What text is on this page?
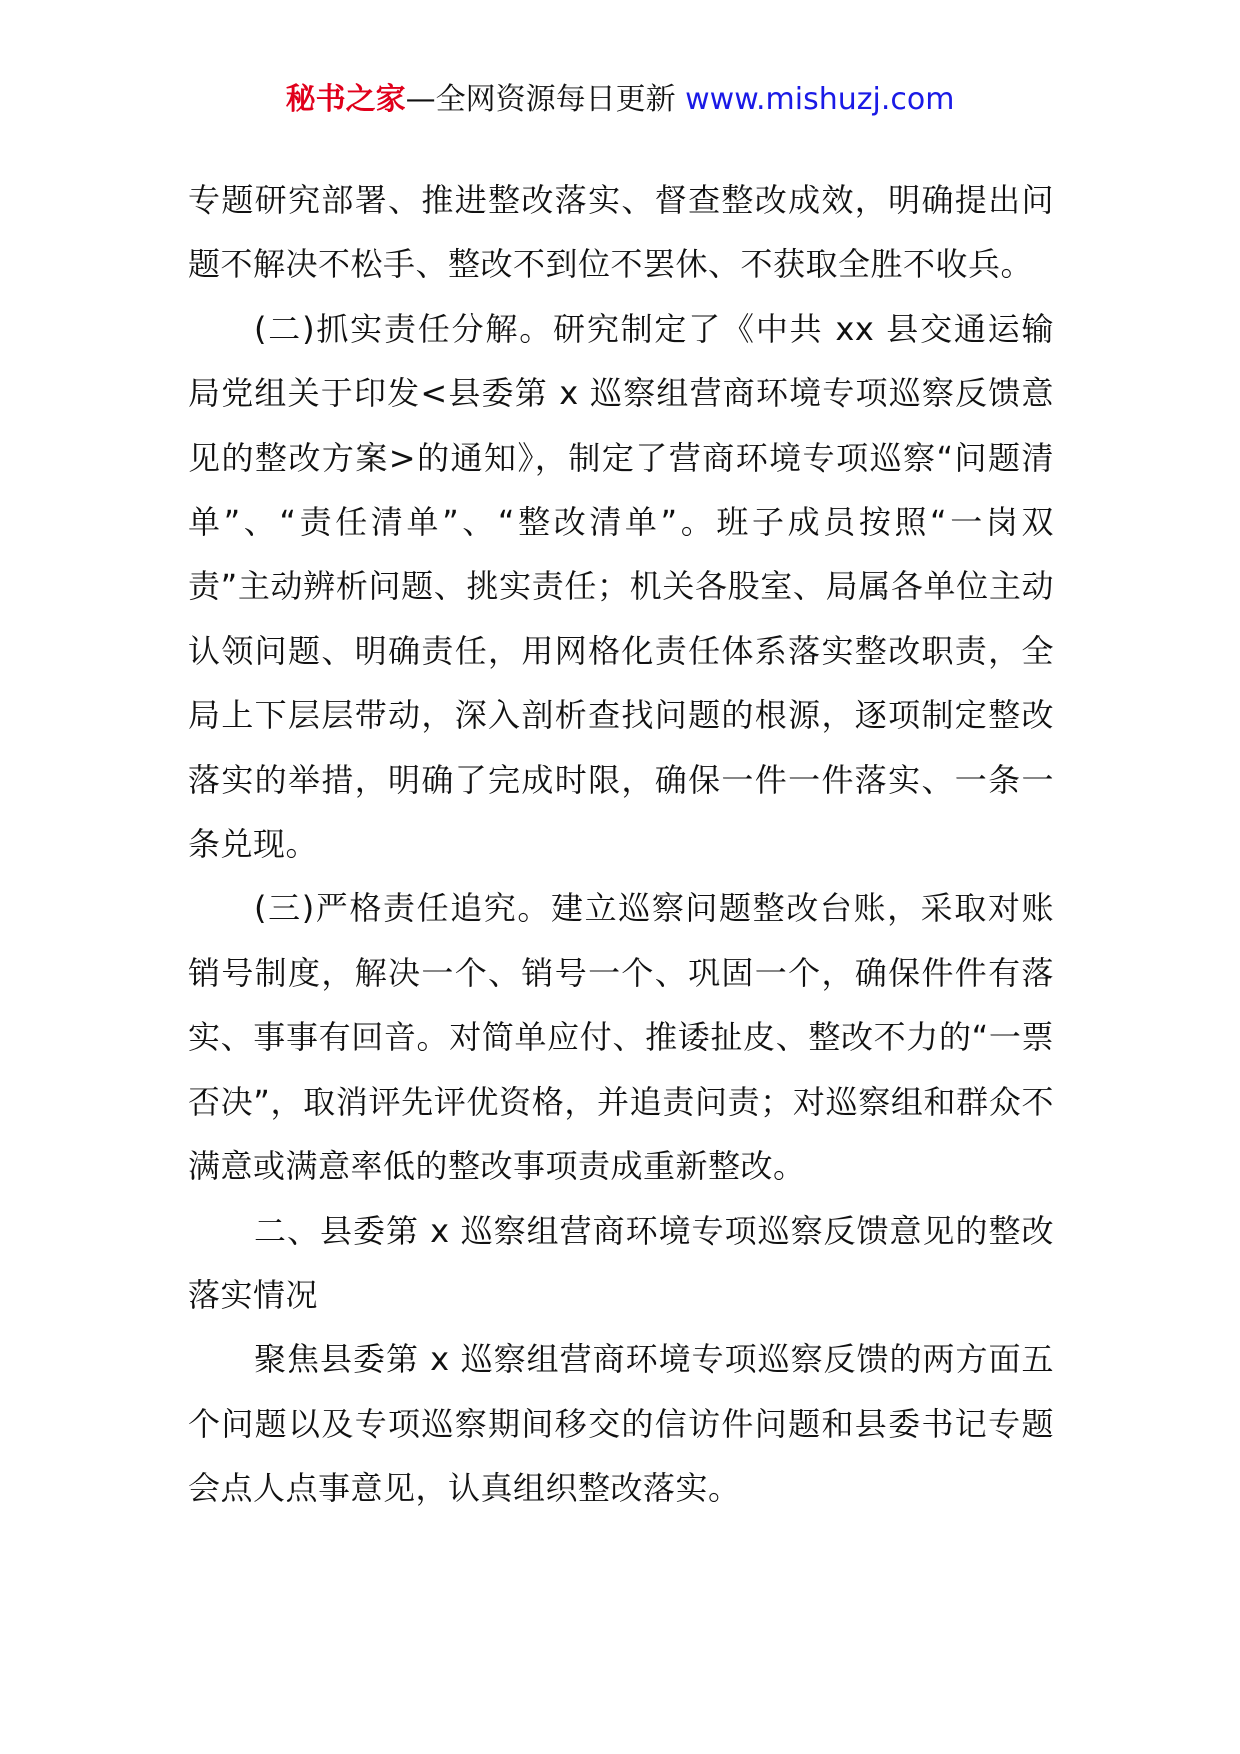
秘书之家—全网资源每日更新 www.mishuzj.com

专题研究部署、推进整改落实、督查整改成效，明确提出问题不解决不松手、整改不到位不罢休、不获取全胜不收兵。

(二)抓实责任分解。研究制定了《中共 xx 县交通运输局党组关于印发<县委第 x 巡察组营商环境专项巡察反馈意见的整改方案>的通知》，制定了营商环境专项巡察“问题清单”、“责任清单”、“整改清单”。班子成员按照“一岗双责”主动辨析问题、挑实责任；机关各股室、局属各单位主动认领问题、明确责任，用网格化责任体系落实整改职责，全局上下层层带动，深入剖析查找问题的根源，逐项制定整改落实的举措，明确了完成时限，确保一件一件落实、一条一条兑现。

(三)严格责任追究。建立巡察问题整改台账，采取对账销号制度，解决一个、销号一个、巩固一个，确保件件有落实、事事有回音。对简单应付、推诿扯皮、整改不力的“一票否决”，取消评先评优资格，并追责问责；对巡察组和群众不满意或满意率低的整改事项责成重新整改。

二、县委第 x 巡察组营商环境专项巡察反馈意见的整改落实情况

聚焦县委第 x 巡察组营商环境专项巡察反馈的两方面五个问题以及专项巡察期间移交的信访件问题和县委书记专题会点人点事意见，认真组织整改落实。
